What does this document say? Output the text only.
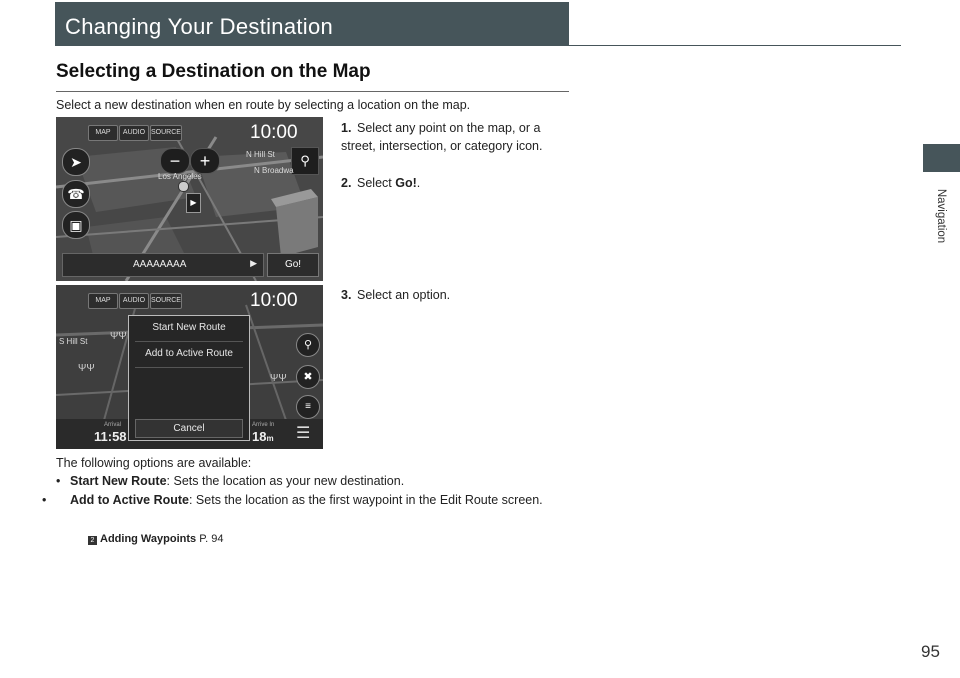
Changing Your Destination
Navigation
Selecting a Destination on the Map
Select a new destination when en route by selecting a location on the map.
MAP	AUDIO SOURCE	10:00
➤
☎
▣
−	+	⚲
N Hill St
N Broadwa
Los Angeles
▶
AAAAAAAA	▶	Go!
1. Select any point on the map, or a street, intersection, or category icon.
2. Select Go!.
MAP	AUDIO SOURCE	10:00
S Hill St ΨΨ
ΨΨ
ΨΨ
⚲
✖
≡
Start New Route
Add to Active Route
Cancel
Arrival
11:58
Arrive In
18m ☰
3. Select an option.
The following options are available:
• Start New Route: Sets the location as your new destination.
• Add to Active Route: Sets the location as the first waypoint in the Edit Route screen.
2 Adding Waypoints P. 94
95
